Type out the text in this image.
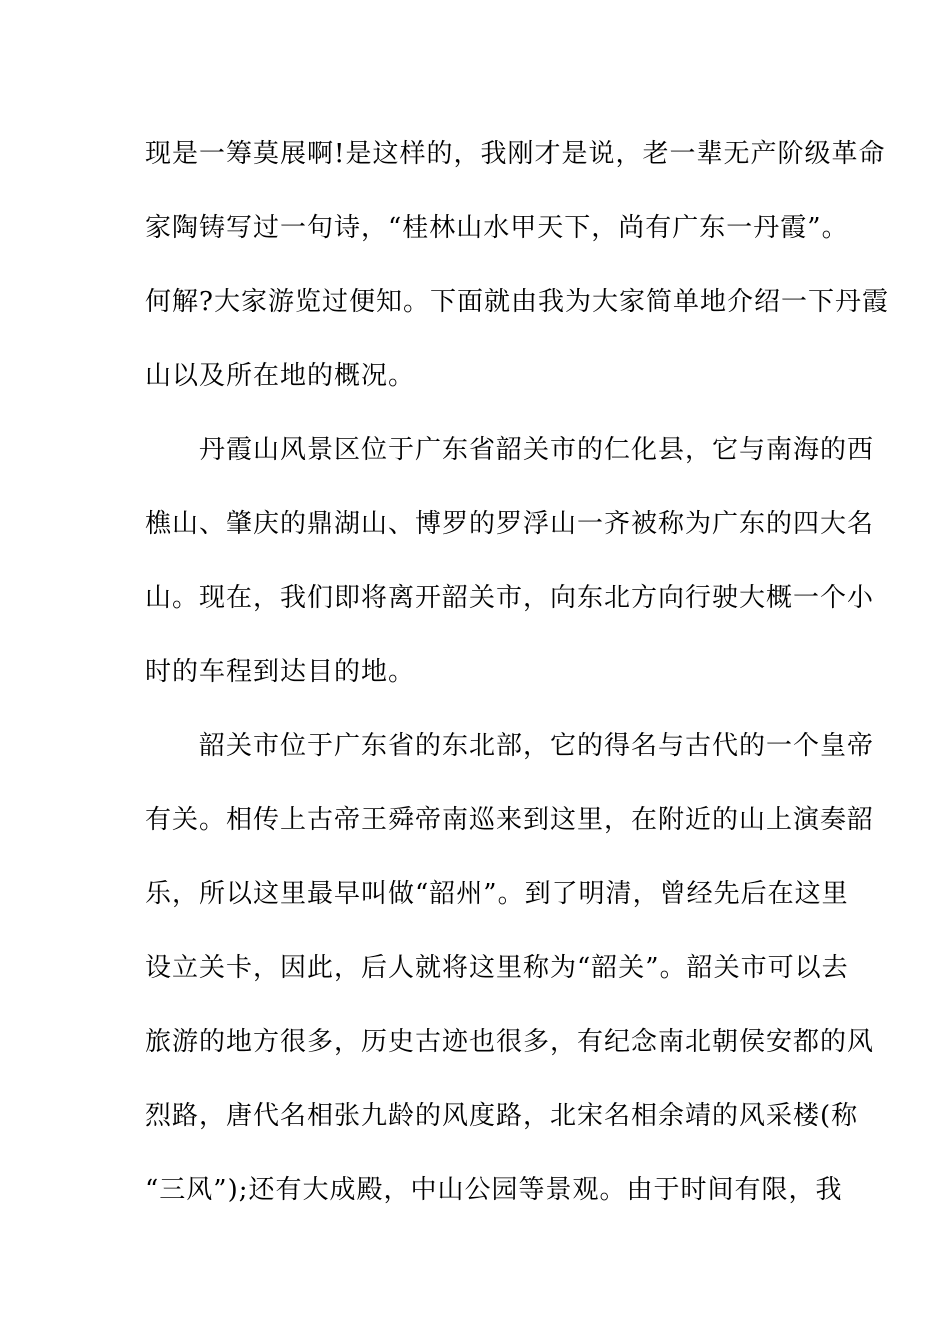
现是一筹莫展啊!是这样的，我刚才是说，老一辈无产阶级革命
家陶铸写过一句诗，“桂林山水甲天下，尚有广东一丹霞”。
何解?大家游览过便知。下面就由我为大家简单地介绍一下丹霞
山以及所在地的概况。
　　丹霞山风景区位于广东省韶关市的仁化县，它与南海的西
樵山、肇庆的鼎湖山、博罗的罗浮山一齐被称为广东的四大名
山。现在，我们即将离开韶关市，向东北方向行驶大概一个小
时的车程到达目的地。
　　韶关市位于广东省的东北部，它的得名与古代的一个皇帝
有关。相传上古帝王舜帝南巡来到这里，在附近的山上演奏韶
乐，所以这里最早叫做“韶州”。到了明清，曾经先后在这里
设立关卡，因此，后人就将这里称为“韶关”。韶关市可以去
旅游的地方很多，历史古迹也很多，有纪念南北朝侯安都的风
烈路，唐代名相张九龄的风度路，北宋名相余靖的风采楼(称
“三风”);还有大成殿，中山公园等景观。由于时间有限，我
